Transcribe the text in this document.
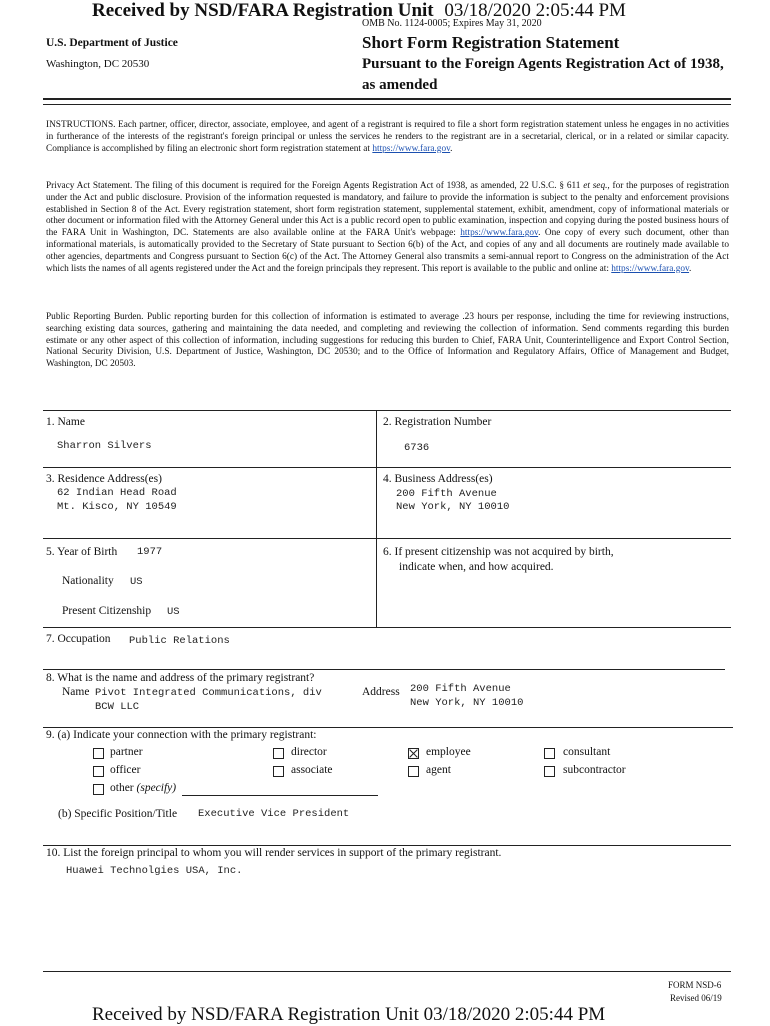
Received by NSD/FARA Registration Unit 03/18/2020 2:05:44 PM
OMB No. 1124-0005; Expires May 31, 2020
U.S. Department of Justice
Washington, DC 20530
Short Form Registration Statement
Pursuant to the Foreign Agents Registration Act of 1938, as amended
INSTRUCTIONS. Each partner, officer, director, associate, employee, and agent of a registrant is required to file a short form registration statement unless he engages in no activities in furtherance of the interests of the registrant's foreign principal or unless the services he renders to the registrant are in a secretarial, clerical, or in a related or similar capacity. Compliance is accomplished by filing an electronic short form registration statement at https://www.fara.gov.
Privacy Act Statement. The filing of this document is required for the Foreign Agents Registration Act of 1938, as amended, 22 U.S.C. § 611 et seq., for the purposes of registration under the Act and public disclosure. Provision of the information requested is mandatory, and failure to provide the information is subject to the penalty and enforcement provisions established in Section 8 of the Act. Every registration statement, short form registration statement, supplemental statement, exhibit, amendment, copy of informational materials or other document or information filed with the Attorney General under this Act is a public record open to public examination, inspection and copying during the posted business hours of the FARA Unit in Washington, DC. Statements are also available online at the FARA Unit's webpage: https://www.fara.gov. One copy of every such document, other than informational materials, is automatically provided to the Secretary of State pursuant to Section 6(b) of the Act, and copies of any and all documents are routinely made available to other agencies, departments and Congress pursuant to Section 6(c) of the Act. The Attorney General also transmits a semi-annual report to Congress on the administration of the Act which lists the names of all agents registered under the Act and the foreign principals they represent. This report is available to the public and online at: https://www.fara.gov.
Public Reporting Burden. Public reporting burden for this collection of information is estimated to average .23 hours per response, including the time for reviewing instructions, searching existing data sources, gathering and maintaining the data needed, and completing and reviewing the collection of information. Send comments regarding this burden estimate or any other aspect of this collection of information, including suggestions for reducing this burden to Chief, FARA Unit, Counterintelligence and Export Control Section, National Security Division, U.S. Department of Justice, Washington, DC 20530; and to the Office of Information and Regulatory Affairs, Office of Management and Budget, Washington, DC 20503.
1. Name
Sharron Silvers
2. Registration Number
6736
3. Residence Address(es)
62 Indian Head Road
Mt. Kisco, NY 10549
4. Business Address(es)
200 Fifth Avenue
New York, NY 10010
5. Year of Birth 1977
Nationality US
Present Citizenship US
6. If present citizenship was not acquired by birth,
indicate when, and how acquired.
7. Occupation Public Relations
8. What is the name and address of the primary registrant?
Name Pivot Integrated Communications, div
BCW LLC
Address 200 Fifth Avenue
New York, NY 10010
9. (a) Indicate your connection with the primary registrant:
partner
officer
other (specify)
director
associate
employee
agent
consultant
subcontractor
(b) Specific Position/Title Executive Vice President
10. List the foreign principal to whom you will render services in support of the primary registrant.
Huawei Technolgies USA, Inc.
FORM NSD-6
Revised 06/19
Received by NSD/FARA Registration Unit 03/18/2020 2:05:44 PM
